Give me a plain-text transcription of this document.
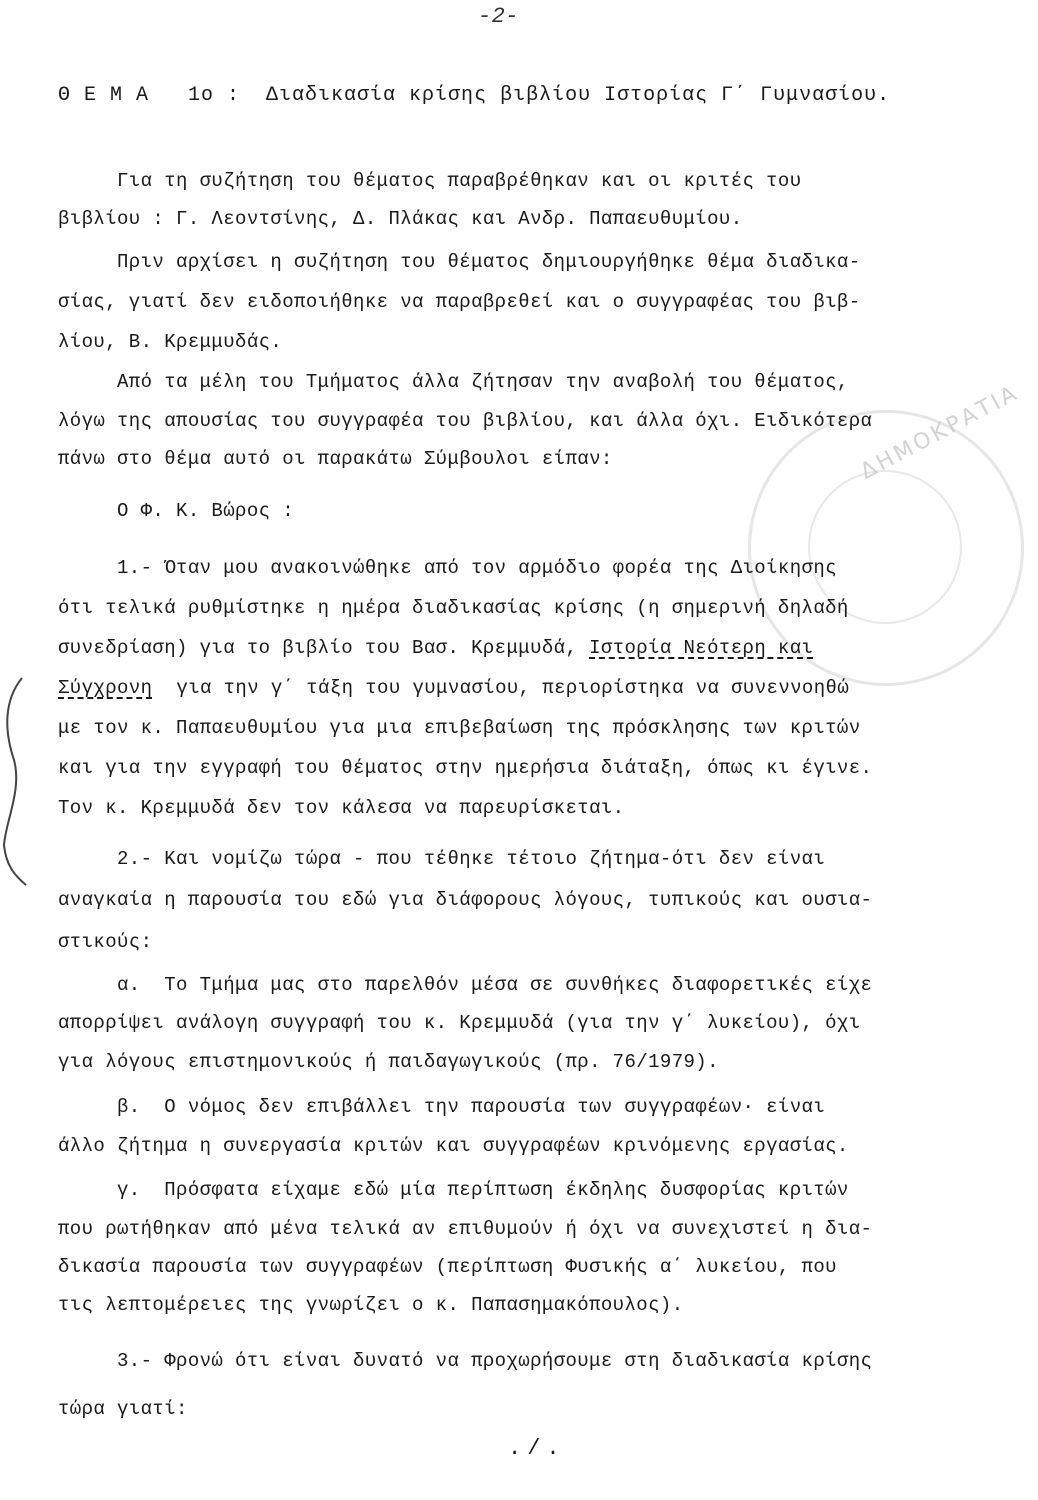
ΔΗΜΟΚΡΑΤΙΑ
-2-
Θ Ε Μ Α   1ο :  Διαδικασία κρίσης βιβλίου Ιστορίας Γ΄ Γυμνασίου.
Για τη συζήτηση του θέματος παραβρέθηκαν και οι κριτές του
βιβλίου : Γ. Λεοντσίνης, Δ. Πλάκας και Ανδρ. Παπαευθυμίου.
Πριν αρχίσει η συζήτηση του θέματος δημιουργήθηκε θέμα διαδικα-
σίας, γιατί δεν ειδοποιήθηκε να παραβρεθεί και ο συγγραφέας του βιβ-
λίου, Β. Κρεμμυδάς.
Από τα μέλη του Τμήματος άλλα ζήτησαν την αναβολή του θέματος,
λόγω της απουσίας του συγγραφέα του βιβλίου, και άλλα όχι. Ειδικότερα
πάνω στο θέμα αυτό οι παρακάτω Σύμβουλοι είπαν:
Ο Φ. Κ. Βώρος :
1.- Όταν μου ανακοινώθηκε από τον αρμόδιο φορέα της Διοίκησης
ότι τελικά ρυθμίστηκε η ημέρα διαδικασίας κρίσης (η σημερινή δηλαδή
συνεδρίαση) για το βιβλίο του Βασ. Κρεμμυδά, Ιστορία Νεότερη και
Σύγχρονη για την γ΄ τάξη του γυμνασίου, περιορίστηκα να συνεννοηθώ
με τον κ. Παπαευθυμίου για μια επιβεβαίωση της πρόσκλησης των κριτών
και για την εγγραφή του θέματος στην ημερήσια διάταξη, όπως κι έγινε.
Τον κ. Κρεμμυδά δεν τον κάλεσα να παρευρίσκεται.
2.- Και νομίζω τώρα - που τέθηκε τέτοιο ζήτημα-ότι δεν είναι
αναγκαία η παρουσία του εδώ για διάφορους λόγους, τυπικούς και ουσια-
στικούς:
α.  Το Τμήμα μας στο παρελθόν μέσα σε συνθήκες διαφορετικές είχε
απορρίψει ανάλογη συγγραφή του κ. Κρεμμυδά (για την γ΄ λυκείου), όχι
για λόγους επιστημονικούς ή παιδαγωγικούς (πρ. 76/1979).
β.  Ο νόμος δεν επιβάλλει την παρουσία των συγγραφέων· είναι
άλλο ζήτημα η συνεργασία κριτών και συγγραφέων κρινόμενης εργασίας.
γ.  Πρόσφατα είχαμε εδώ μία περίπτωση έκδηλης δυσφορίας κριτών
που ρωτήθηκαν από μένα τελικά αν επιθυμούν ή όχι να συνεχιστεί η δια-
δικασία παρουσία των συγγραφέων (περίπτωση Φυσικής α΄ λυκείου, που
τις λεπτομέρειες της γνωρίζει ο κ. Παπασημακόπουλος).
3.- Φρονώ ότι είναι δυνατό να προχωρήσουμε στη διαδικασία κρίσης
τώρα γιατί:
./.
